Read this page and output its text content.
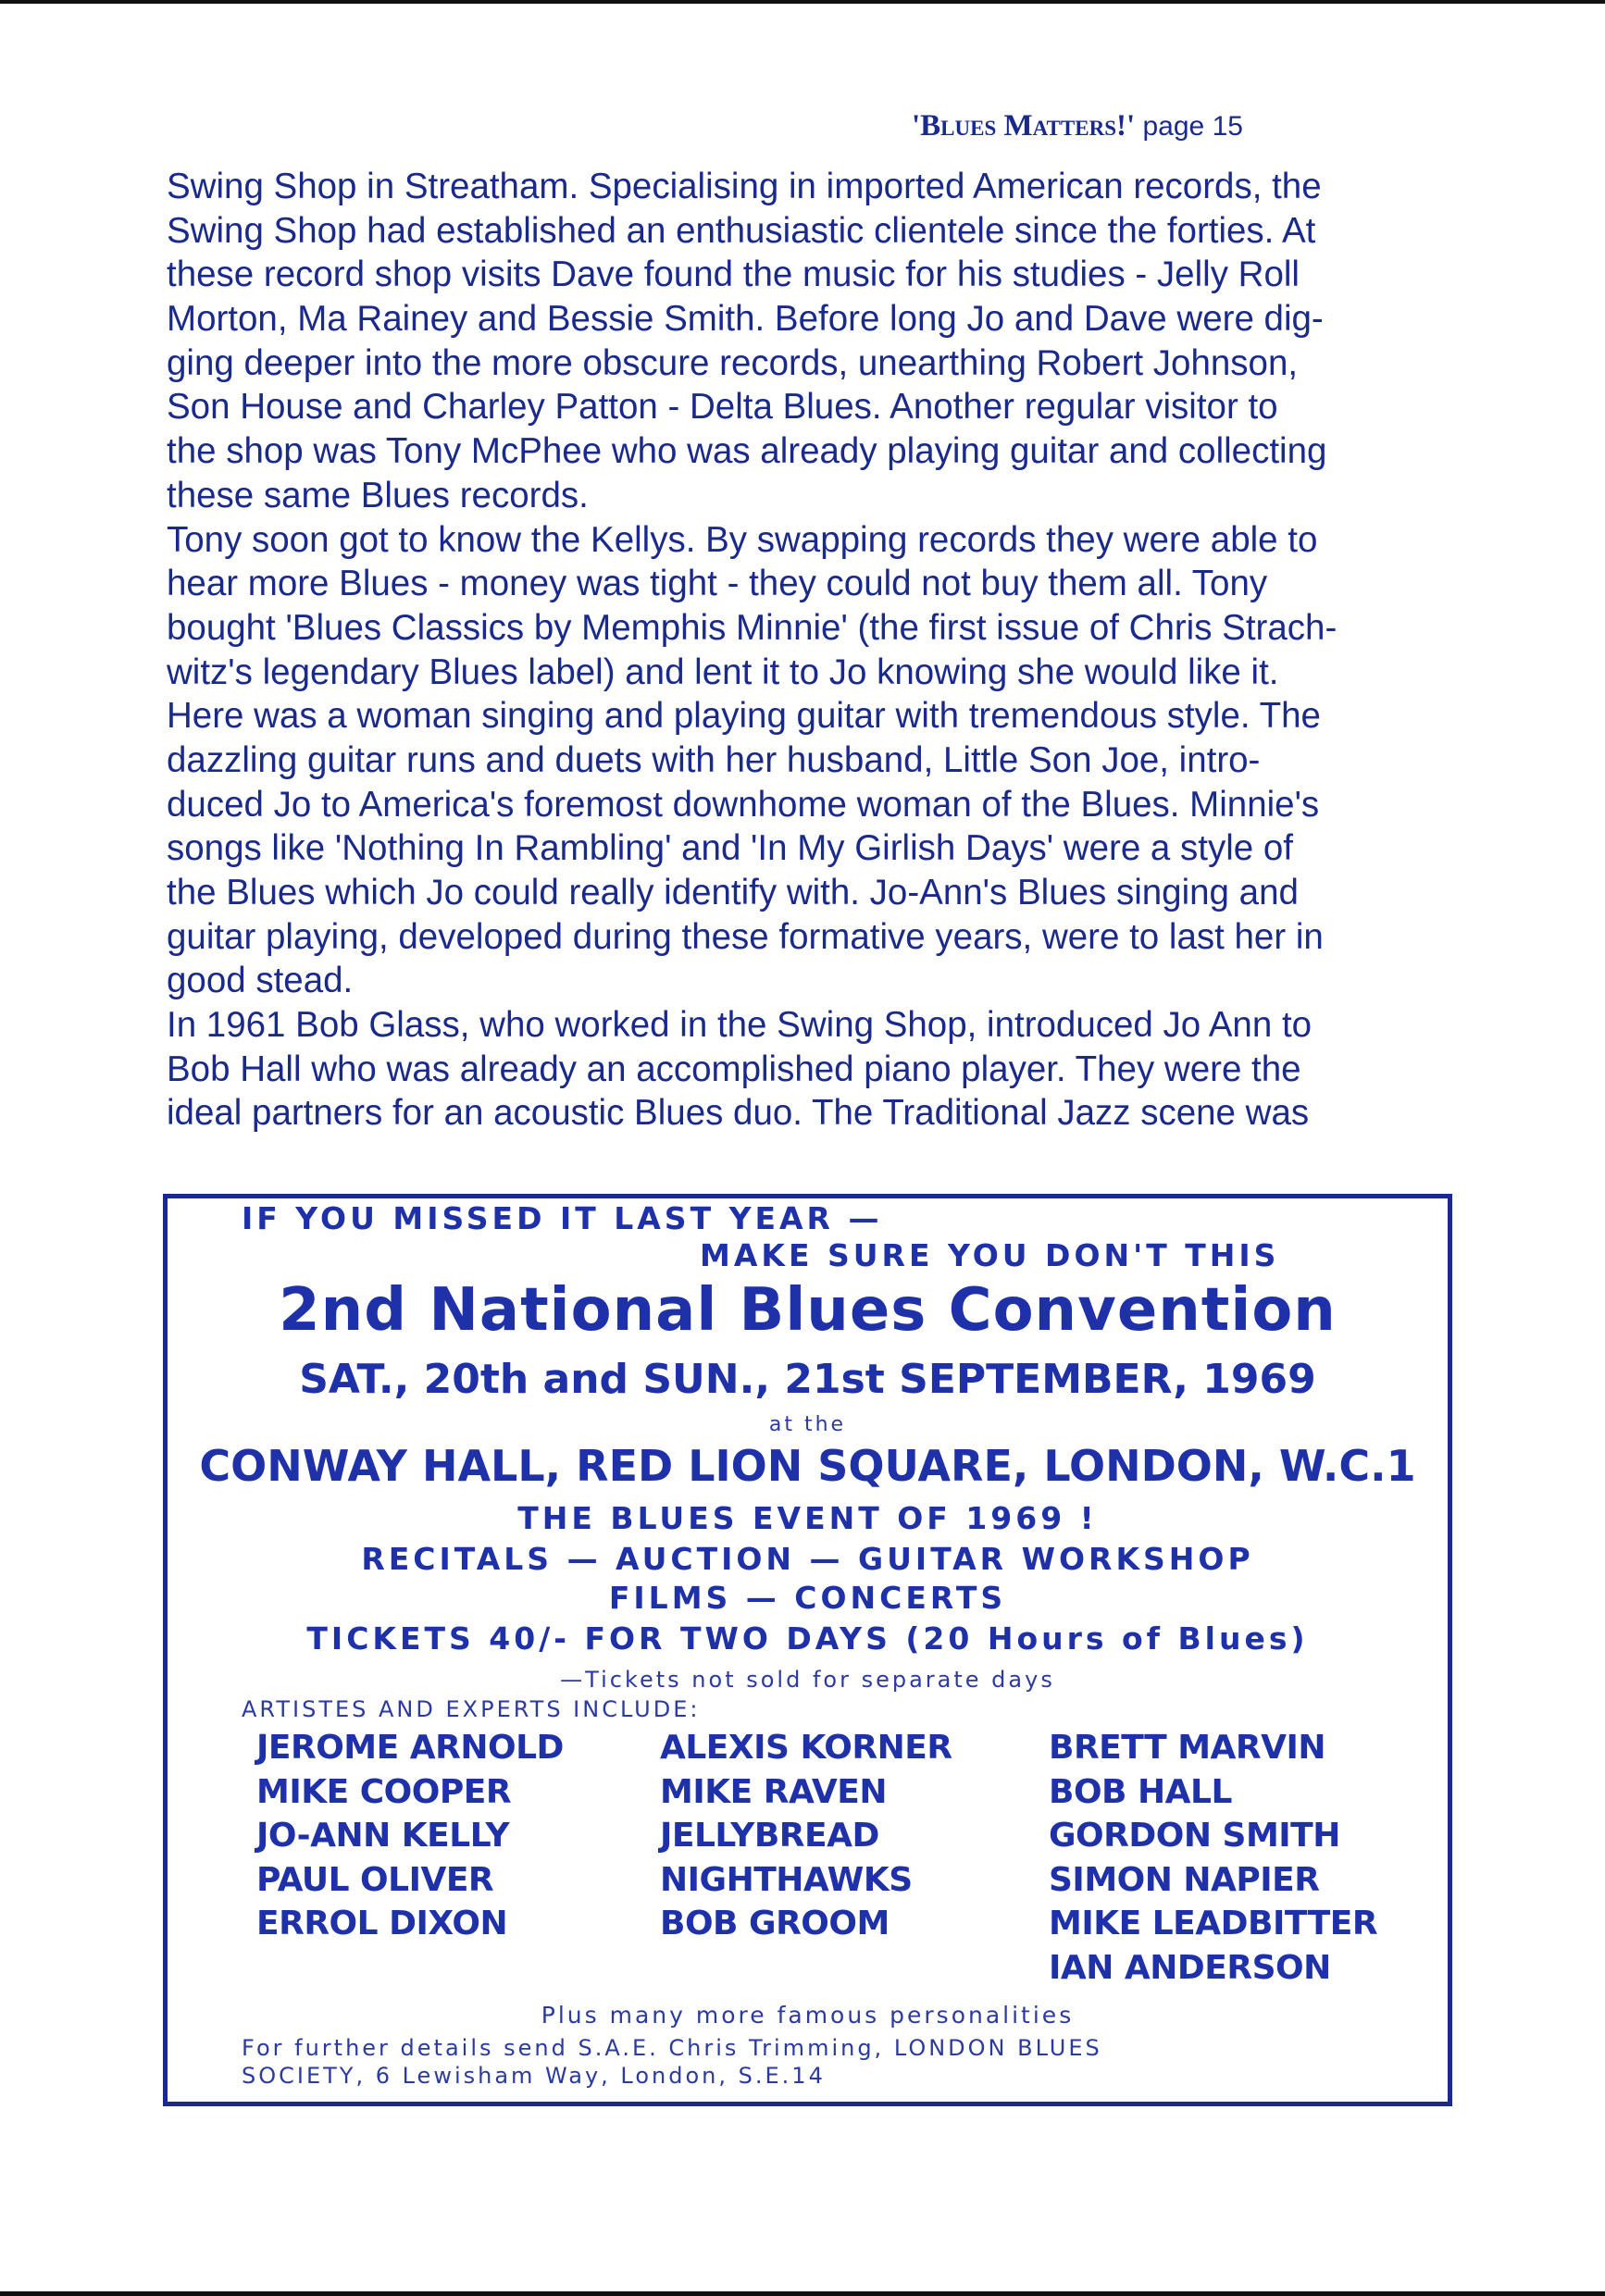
'Blues Matters!' page 15
Swing Shop in Streatham. Specialising in imported American records, the
Swing Shop had established an enthusiastic clientele since the forties. At
these record shop visits Dave found the music for his studies - Jelly Roll
Morton, Ma Rainey and Bessie Smith. Before long Jo and Dave were dig-
ging deeper into the more obscure records, unearthing Robert Johnson,
Son House and Charley Patton - Delta Blues. Another regular visitor to
the shop was Tony McPhee who was already playing guitar and collecting
these same Blues records.
Tony soon got to know the Kellys. By swapping records they were able to
hear more Blues - money was tight - they could not buy them all. Tony
bought 'Blues Classics by Memphis Minnie' (the first issue of Chris Strach-
witz's legendary Blues label) and lent it to Jo knowing she would like it.
Here was a woman singing and playing guitar with tremendous style. The
dazzling guitar runs and duets with her husband, Little Son Joe, intro-
duced Jo to America's foremost downhome woman of the Blues. Minnie's
songs like 'Nothing In Rambling' and 'In My Girlish Days' were a style of
the Blues which Jo could really identify with. Jo-Ann's Blues singing and
guitar playing, developed during these formative years, were to last her in
good stead.
In 1961 Bob Glass, who worked in the Swing Shop, introduced Jo Ann to
Bob Hall who was already an accomplished piano player. They were the
ideal partners for an acoustic Blues duo. The Traditional Jazz scene was
IF YOU MISSED IT LAST YEAR —
MAKE SURE YOU DON'T THIS
2nd National Blues Convention
SAT., 20th and SUN., 21st SEPTEMBER, 1969
at the
CONWAY HALL, RED LION SQUARE, LONDON, W.C.1
THE BLUES EVENT OF 1969 !
RECITALS — AUCTION — GUITAR WORKSHOP
FILMS — CONCERTS
TICKETS 40/- FOR TWO DAYS (20 Hours of Blues)
—Tickets not sold for separate days
ARTISTES AND EXPERTS INCLUDE:
JEROME ARNOLD
MIKE COOPER
JO-ANN KELLY
PAUL OLIVER
ERROL DIXON
ALEXIS KORNER
MIKE RAVEN
JELLYBREAD
NIGHTHAWKS
BOB GROOM
BRETT MARVIN
BOB HALL
GORDON SMITH
SIMON NAPIER
MIKE LEADBITTER
IAN ANDERSON
Plus many more famous personalities
For further details send S.A.E. Chris Trimming, LONDON BLUES
SOCIETY, 6 Lewisham Way, London, S.E.14
